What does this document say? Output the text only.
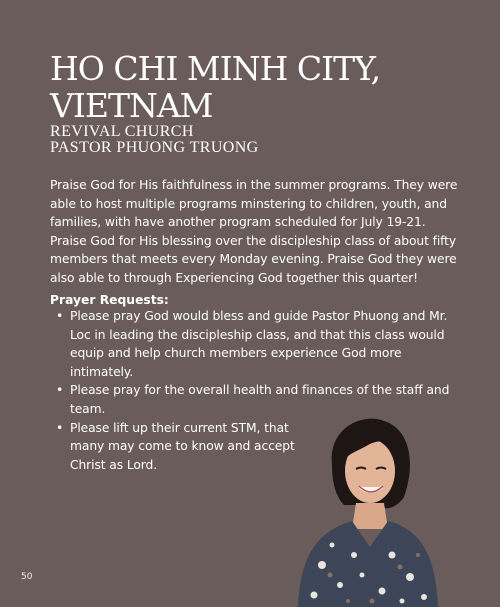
HO CHI MINH CITY,
VIETNAM
REVIVAL CHURCH
PASTOR PHUONG TRUONG

Praise God for His faithfulness in the summer programs. They were able to host multiple programs minstering to children, youth, and families, with have another program scheduled for July 19-21. Praise God for His blessing over the discipleship class of about fifty members that meets every Monday evening. Praise God they were also able to through Experiencing God together this quarter!

Prayer Requests:

• Please pray God would bless and guide Pastor Phuong and Mr. Loc in leading the discipleship class, and that this class would equip and help church members experience God more intimately.
• Please pray for the overall health and finances of the staff and team.
• Please lift up their current STM, that many may come to know and accept Christ as Lord.
50
